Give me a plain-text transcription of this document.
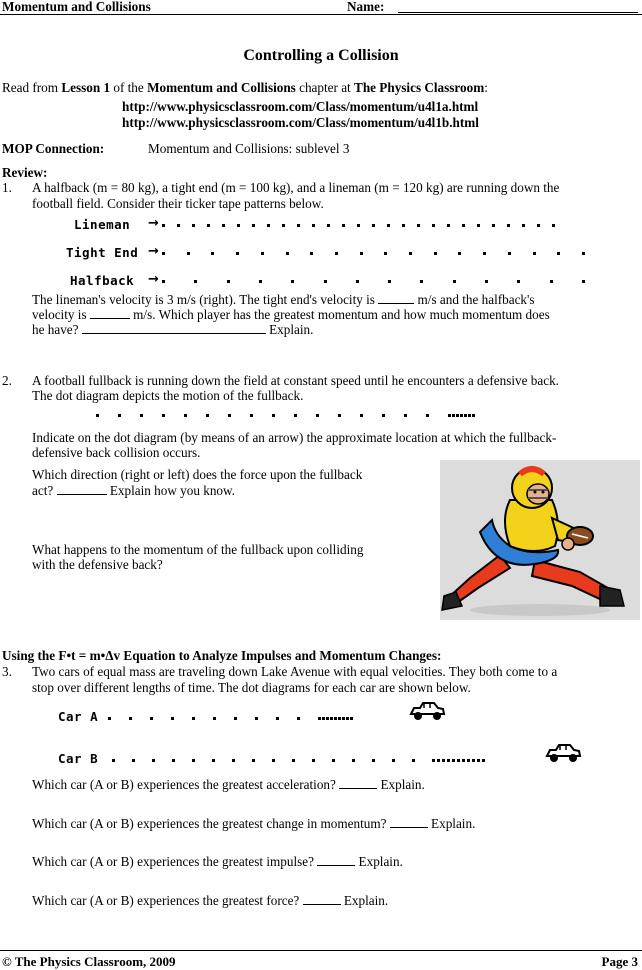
Momentum and Collisions	Name:
Controlling a Collision
Read from Lesson 1 of the Momentum and Collisions chapter at The Physics Classroom:
http://www.physicsclassroom.com/Class/momentum/u4l1a.html
http://www.physicsclassroom.com/Class/momentum/u4l1b.html
MOP Connection:	Momentum and Collisions: sublevel 3
Review:
1. A halfback (m = 80 kg), a tight end (m = 100 kg), and a lineman (m = 120 kg) are running down the
football field. Consider their ticker tape patterns below.
Lineman →
Tight End →
Halfback →
The lineman's velocity is 3 m/s (right). The tight end's velocity is	m/s and the halfback's
velocity is	m/s. Which player has the greatest momentum and how much momentum does
he have?	Explain.
2. A football fullback is running down the field at constant speed until he encounters a defensive back.
The dot diagram depicts the motion of the fullback.
Indicate on the dot diagram (by means of an arrow) the approximate location at which the fullback-
defensive back collision occurs.
Which direction (right or left) does the force upon the fullback
act?	Explain how you know.
What happens to the momentum of the fullback upon colliding
with the defensive back?
Using the F•t = m•Δv Equation to Analyze Impulses and Momentum Changes:
3. Two cars of equal mass are traveling down Lake Avenue with equal velocities. They both come to a
stop over different lengths of time. The dot diagrams for each car are shown below.
Car A
Car B
Which car (A or B) experiences the greatest acceleration?	Explain.
Which car (A or B) experiences the greatest change in momentum?	Explain.
Which car (A or B) experiences the greatest impulse?	Explain.
Which car (A or B) experiences the greatest force?	Explain.
© The Physics Classroom, 2009	Page 3
